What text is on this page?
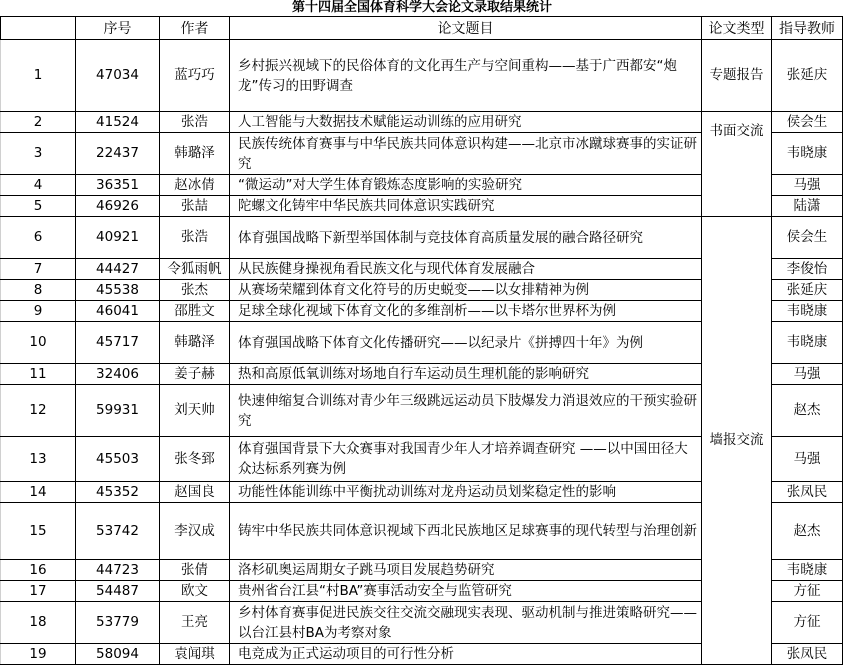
第十四届全国体育科学大会论文录取结果统计
	序号	作者	论文题目	论文类型	指导教师
1	47034	蓝巧巧	乡村振兴视域下的民俗体育的文化再生产与空间重构——基于广西都安“炮龙”传习的田野调查	专题报告	张延庆
2	41524	张浩	人工智能与大数据技术赋能运动训练的应用研究	书面交流	侯会生
3	22437	韩璐泽	民族传统体育赛事与中华民族共同体意识构建——北京市冰蹴球赛事的实证研究		韦晓康
4	36351	赵冰倩	“微运动”对大学生体育锻炼态度影响的实验研究		马强
5	46926	张喆	陀螺文化铸牢中华民族共同体意识实践研究		陆潇
6	40921	张浩	体育强国战略下新型举国体制与竞技体育高质量发展的融合路径研究	墙报交流	侯会生
7	44427	令狐雨帆	从民族健身操视角看民族文化与现代体育发展融合		李俊怡
8	45538	张杰	从赛场荣耀到体育文化符号的历史蜕变——以女排精神为例		张延庆
9	46041	邵胜文	足球全球化视域下体育文化的多维剖析——以卡塔尔世界杯为例		韦晓康
10	45717	韩璐泽	体育强国战略下体育文化传播研究——以纪录片《拼搏四十年》为例		韦晓康
11	32406	姜子赫	热和高原低氧训练对场地自行车运动员生理机能的影响研究		马强
12	59931	刘天帅	快速伸缩复合训练对青少年三级跳远运动员下肢爆发力消退效应的干预实验研究		赵杰
13	45503	张冬郅	体育强国背景下大众赛事对我国青少年人才培养调查研究 ——以中国田径大众达标系列赛为例		马强
14	45352	赵国良	功能性体能训练中平衡扰动训练对龙舟运动员划桨稳定性的影响		张凤民
15	53742	李汉成	铸牢中华民族共同体意识视域下西北民族地区足球赛事的现代转型与治理创新		赵杰
16	44723	张倩	洛杉矶奥运周期女子跳马项目发展趋势研究		韦晓康
17	54487	欧文	贵州省台江县“村BA”赛事活动安全与监管研究		方征
18	53779	王亮	乡村体育赛事促进民族交往交流交融现实表现、驱动机制与推进策略研究——以台江县村BA为考察对象		方征
19	58094	袁闻琪	电竞成为正式运动项目的可行性分析		张凤民
